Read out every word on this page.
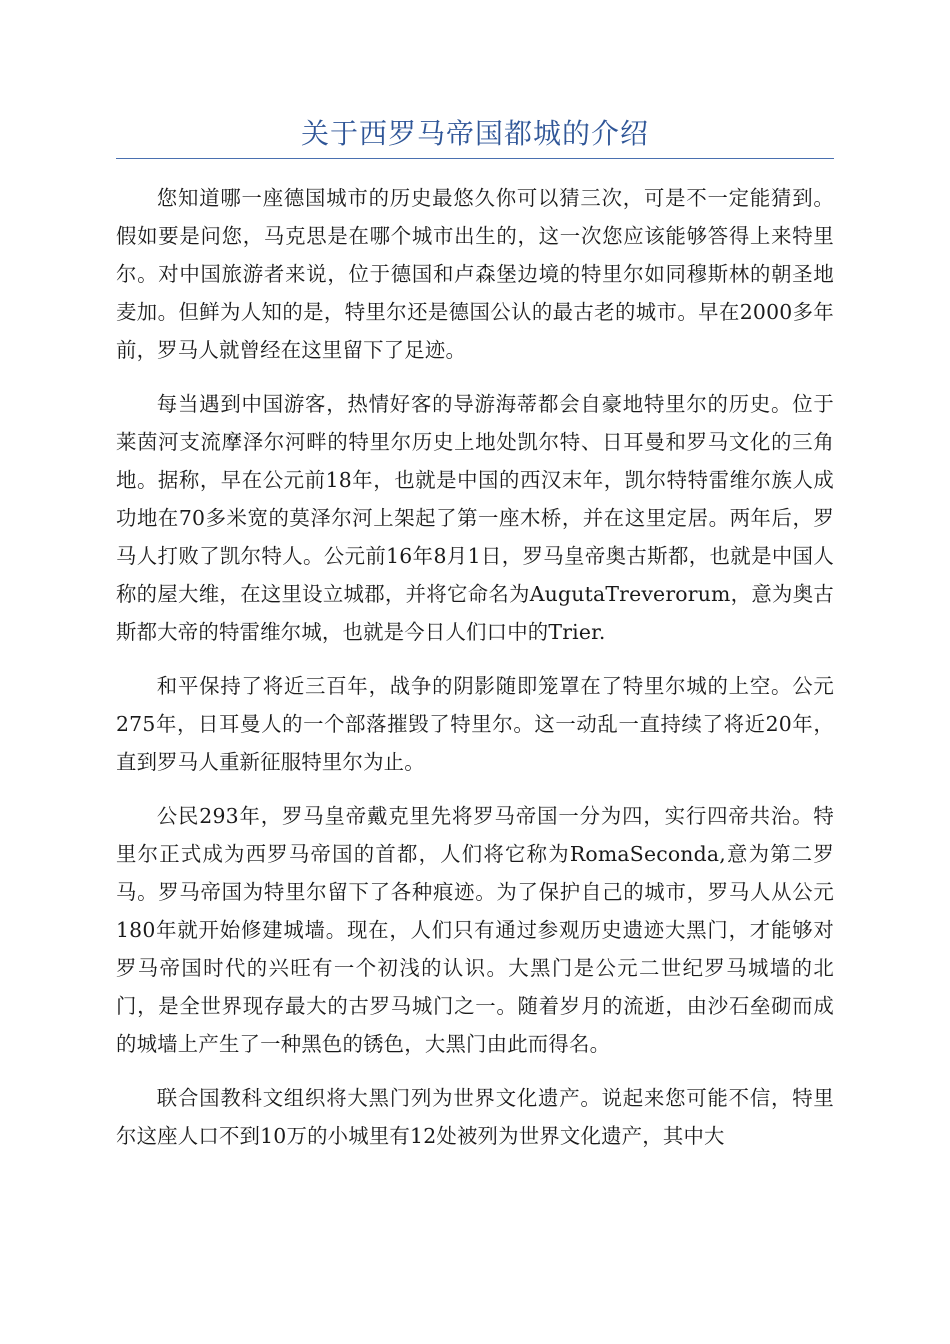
关于西罗马帝国都城的介绍

您知道哪一座德国城市的历史最悠久你可以猜三次，可是不一定能猜到。假如要是问您，马克思是在哪个城市出生的，这一次您应该能够答得上来特里尔。对中国旅游者来说，位于德国和卢森堡边境的特里尔如同穆斯林的朝圣地麦加。但鲜为人知的是，特里尔还是德国公认的最古老的城市。早在2000多年前，罗马人就曾经在这里留下了足迹。

每当遇到中国游客，热情好客的导游海蒂都会自豪地特里尔的历史。位于莱茵河支流摩泽尔河畔的特里尔历史上地处凯尔特、日耳曼和罗马文化的三角地。据称，早在公元前18年，也就是中国的西汉末年，凯尔特特雷维尔族人成功地在70多米宽的莫泽尔河上架起了第一座木桥，并在这里定居。两年后，罗马人打败了凯尔特人。公元前16年8月1日，罗马皇帝奥古斯都，也就是中国人称的屋大维，在这里设立城郡，并将它命名为AugutaTreverorum，意为奥古斯都大帝的特雷维尔城，也就是今日人们口中的Trier.

和平保持了将近三百年，战争的阴影随即笼罩在了特里尔城的上空。公元275年，日耳曼人的一个部落摧毁了特里尔。这一动乱一直持续了将近20年，直到罗马人重新征服特里尔为止。

公民293年，罗马皇帝戴克里先将罗马帝国一分为四，实行四帝共治。特里尔正式成为西罗马帝国的首都，人们将它称为RomaSeconda,意为第二罗马。罗马帝国为特里尔留下了各种痕迹。为了保护自己的城市，罗马人从公元180年就开始修建城墙。现在，人们只有通过参观历史遗迹大黑门，才能够对罗马帝国时代的兴旺有一个初浅的认识。大黑门是公元二世纪罗马城墙的北门，是全世界现存最大的古罗马城门之一。随着岁月的流逝，由沙石垒砌而成的城墙上产生了一种黑色的锈色，大黑门由此而得名。

联合国教科文组织将大黑门列为世界文化遗产。说起来您可能不信，特里尔这座人口不到10万的小城里有12处被列为世界文化遗产，其中大
